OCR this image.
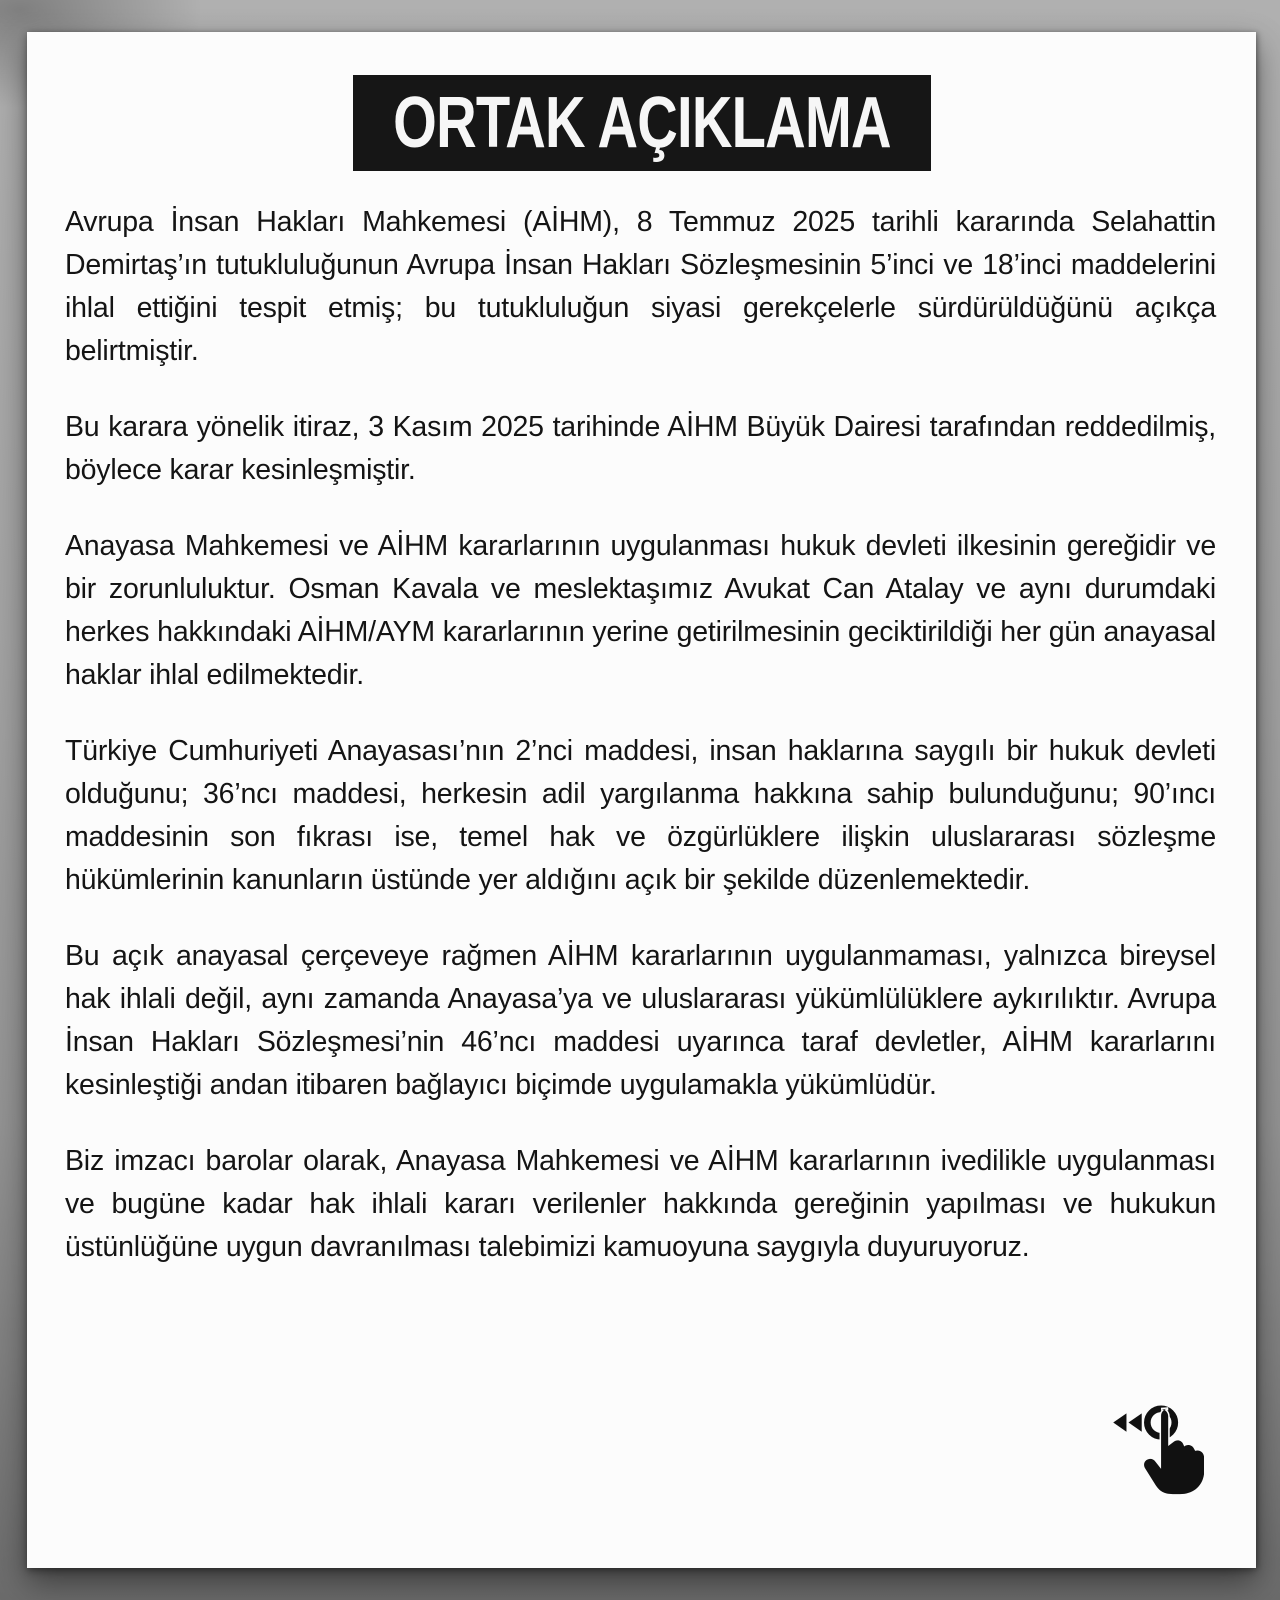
ORTAK AÇIKLAMA

Avrupa İnsan Hakları Mahkemesi (AİHM), 8 Temmuz 2025 tarihli kararında Selahattin Demirtaş’ın tutukluluğunun Avrupa İnsan Hakları Sözleşmesinin 5’inci ve 18’inci maddelerini ihlal ettiğini tespit etmiş; bu tutukluluğun siyasi gerekçelerle sürdürüldüğünü açıkça belirtmiştir.

Bu karara yönelik itiraz, 3 Kasım 2025 tarihinde AİHM Büyük Dairesi tarafından reddedilmiş, böylece karar kesinleşmiştir.

Anayasa Mahkemesi ve AİHM kararlarının uygulanması hukuk devleti ilkesinin gereğidir ve bir zorunluluktur. Osman Kavala ve meslektaşımız Avukat Can Atalay ve aynı durumdaki herkes hakkındaki AİHM/AYM kararlarının yerine getirilmesinin geciktirildiği her gün anayasal haklar ihlal edilmektedir.

Türkiye Cumhuriyeti Anayasası’nın 2’nci maddesi, insan haklarına saygılı bir hukuk devleti olduğunu; 36’ncı maddesi, herkesin adil yargılanma hakkına sahip bulunduğunu; 90’ıncı maddesinin son fıkrası ise, temel hak ve özgürlüklere ilişkin uluslararası sözleşme hükümlerinin kanunların üstünde yer aldığını açık bir şekilde düzenlemektedir.

Bu açık anayasal çerçeveye rağmen AİHM kararlarının uygulanmaması, yalnızca bireysel hak ihlali değil, aynı zamanda Anayasa’ya ve uluslararası yükümlülüklere aykırılıktır. Avrupa İnsan Hakları Sözleşmesi’nin 46’ncı maddesi uyarınca taraf devletler, AİHM kararlarını kesinleştiği andan itibaren bağlayıcı biçimde uygulamakla yükümlüdür.

Biz imzacı barolar olarak, Anayasa Mahkemesi ve AİHM kararlarının ivedilikle uygulanması ve bugüne kadar hak ihlali kararı verilenler hakkında gereğinin yapılması ve hukukun üstünlüğüne uygun davranılması talebimizi kamuoyuna saygıyla duyuruyoruz.
